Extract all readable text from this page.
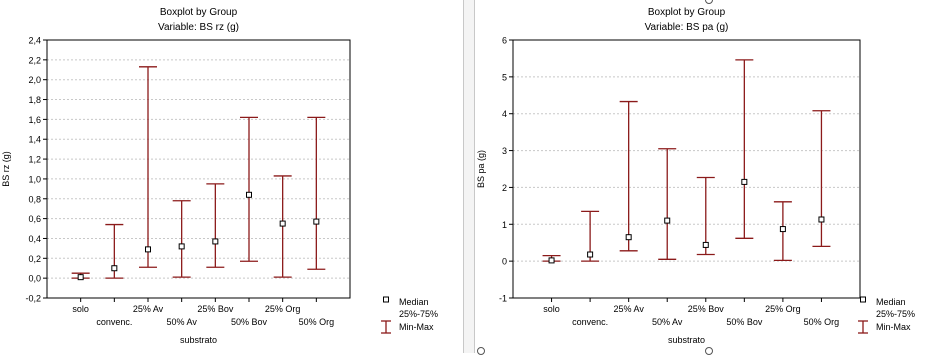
Boxplot by Group
Variable: BS rz (g)
-0,2
0,0
0,2
0,4
0,6
0,8
1,0
1,2
1,4
1,6
1,8
2,0
2,2
2,4
BS rz (g)
solo
convenc.
25% Av
50% Av
25% Bov
50% Bov
25% Org
50% Org
substrato
Median
25%-75%
Min-Max
Boxplot by Group
Variable: BS pa (g)
-1
0
1
2
3
4
5
6
BS pa (g)
solo
convenc.
25% Av
50% Av
25% Bov
50% Bov
25% Org
50% Org
substrato
Median
25%-75%
Min-Max
